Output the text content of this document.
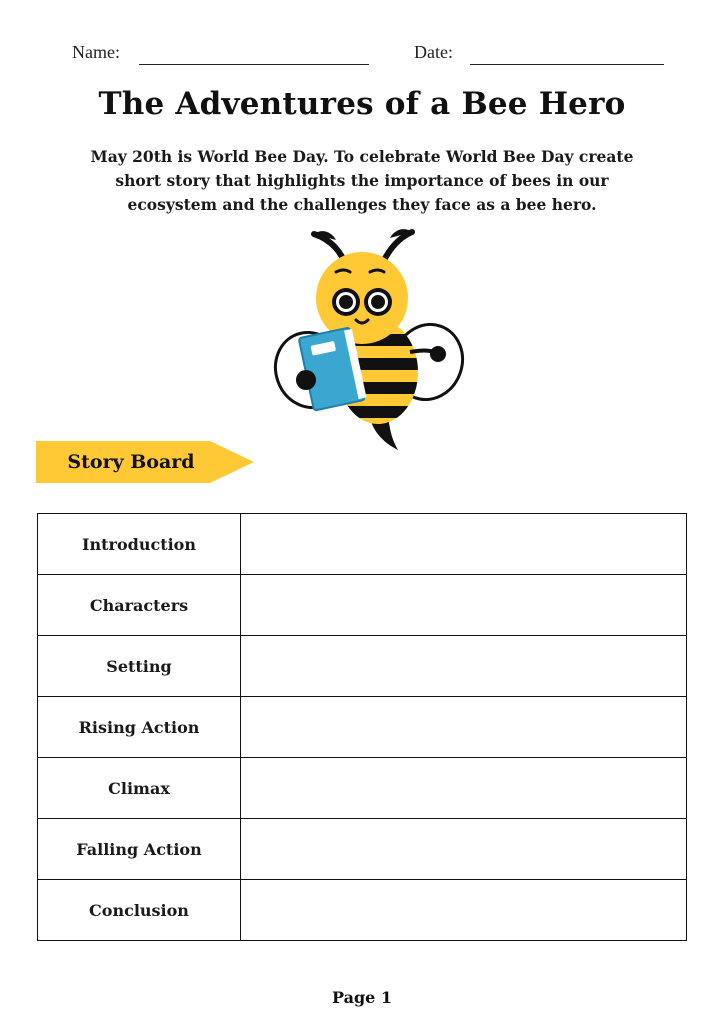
Name:	Date:
The Adventures of a Bee Hero
May 20th is World Bee Day. To celebrate World Bee Day create short story that highlights the importance of bees in our ecosystem and the challenges they face as a bee hero.
Story Board
Introduction	
Characters	
Setting	
Rising Action	
Climax	
Falling Action	
Conclusion	
Page 1
